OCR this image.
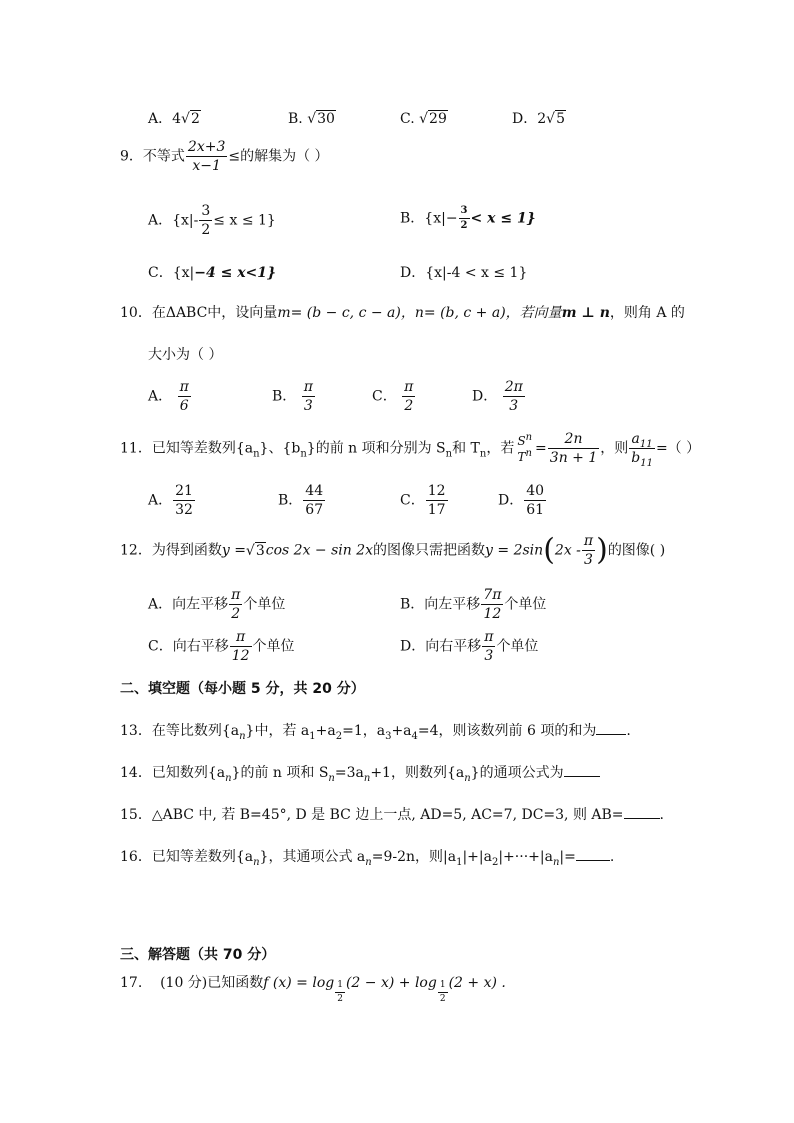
A．4√2	B. √30	C. √29	D．2√5
9．不等式 $\frac{2x+3}{x-1}$ ≤的解集为（ ）
A．$\{x|- \frac{3}{2} \le x \le 1\}$	B．$\{x|- \frac{3}{2} < x \le 1\}$
C．{x|−4 ≤ x<1}	D．{x|-4 < x ≤ 1}
10．在ΔABC中，设向量m= (b − c, c − a)，n= (b, c + a)，若向量m ⊥ n，则角 A 的
大小为（ ）
A． $\frac{\pi}{6}$	B． $\frac{\pi}{3}$	C． $\frac{\pi}{2}$	D． $\frac{2\pi}{3}$
11．已知等差数列$\{a_n\}$、$\{b_n\}$的前 n 项和分别为 $S_n$和 $T_n$，若 $S^n$
$T^n = \frac{2n}{3n + 1}$ ，则 $\frac{a_{11}}{b_{11}}$ =（ ）
A． $\frac{21}{32}$	B． $\frac{44}{67}$	C． $\frac{12}{17}$	D． $\frac{40}{61}$
12．为得到函数y =√3cos 2x − sin 2x的图像只需把函数$y = 2\sin(2x - \frac{\pi}{3}$ )的图像( )
A．向左平移 $\frac{\pi}{2}$ 个单位	B．向左平移 $\frac{7\pi}{12}$ 个单位
C．向右平移 $\frac{\pi}{12}$ 个单位	D．向右平移 $\frac{\pi}{3}$ 个单位
二、填空题（每小题 5 分，共 20 分）
13．在等比数列$\{a_n\}$中，若 $a_1+a_2=1$，$a_3+a_4=4$，则该数列前 6 项的和为 .
14．已知数列$\{a_n\}$的前 n 项和 $S_n=3a_n+1$，则数列$\{a_n\}$的通项公式为
15．△ABC 中, 若 B=45°, D 是 BC 边上一点, AD=5, AC=7, DC=3, 则 AB=	.
16．已知等差数列$\{a_n\}$，其通项公式 $a_n=9-2n$，则$|a_1|+|a_2|+\cdot\cdot\cdot+|a_n|=$ .
三、解答题（共 70 分）
17. (10 分)已知函数f $(x) = \log \frac{1}{2} (2 - x) + \log \frac{1}{2} (2 + x)$ .
